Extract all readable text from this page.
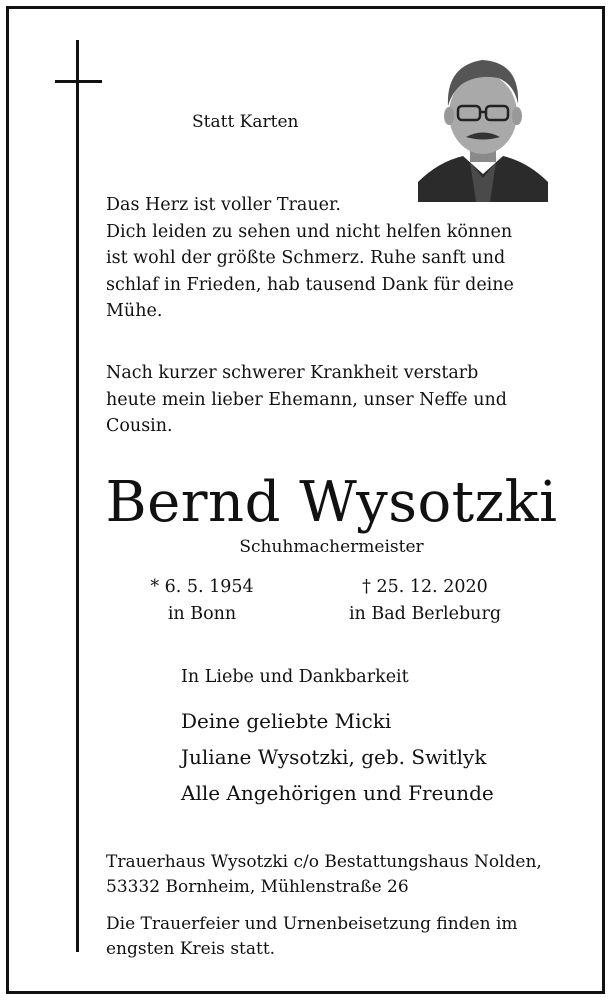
Statt Karten
Das Herz ist voller Trauer.
Dich leiden zu sehen und nicht helfen können
ist wohl der größte Schmerz. Ruhe sanft und
schlaf in Frieden, hab tausend Dank für deine
Mühe.
Nach kurzer schwerer Krankheit verstarb
heute mein lieber Ehemann, unser Neffe und
Cousin.
Bernd Wysotzki
Schuhmachermeister
* 6. 5. 1954
in Bonn
† 25. 12. 2020
in Bad Berleburg
In Liebe und Dankbarkeit
Deine geliebte Micki
Juliane Wysotzki, geb. Switlyk
Alle Angehörigen und Freunde
Trauerhaus Wysotzki c/o Bestattungshaus Nolden,
53332 Bornheim, Mühlenstraße 26
Die Trauerfeier und Urnenbeisetzung finden im
engsten Kreis statt.
